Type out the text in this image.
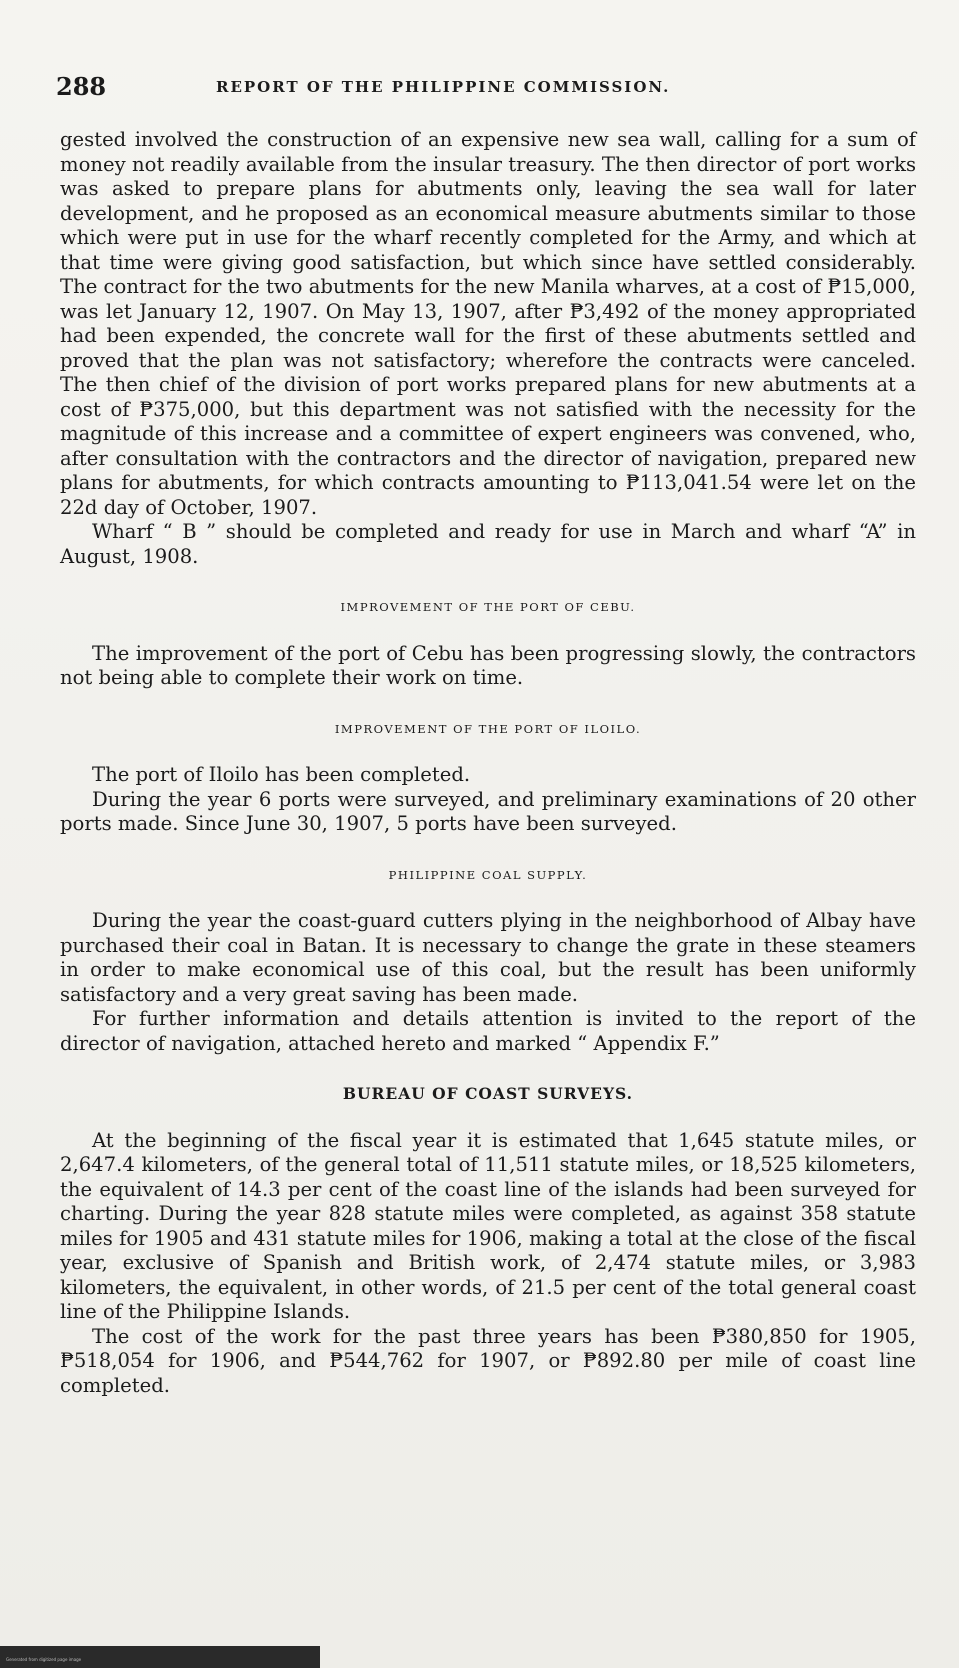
288	REPORT OF THE PHILIPPINE COMMISSION.

gested involved the construction of an expensive new sea wall, calling for a sum of money not readily available from the insular treasury. The then director of port works was asked to prepare plans for abutments only, leaving the sea wall for later development, and he proposed as an economical measure abutments similar to those which were put in use for the wharf recently completed for the Army, and which at that time were giving good satisfaction, but which since have settled considerably. The contract for the two abutments for the new Manila wharves, at a cost of ₱15,000, was let January 12, 1907. On May 13, 1907, after ₱3,492 of the money appropriated had been expended, the concrete wall for the first of these abutments settled and proved that the plan was not satisfactory; wherefore the contracts were canceled. The then chief of the division of port works prepared plans for new abutments at a cost of ₱375,000, but this department was not satisfied with the necessity for the magnitude of this increase and a committee of expert engineers was convened, who, after consultation with the contractors and the director of navigation, prepared new plans for abutments, for which contracts amounting to ₱113,041.54 were let on the 22d day of October, 1907.

Wharf “ B ” should be completed and ready for use in March and wharf “A” in August, 1908.

IMPROVEMENT OF THE PORT OF CEBU.

The improvement of the port of Cebu has been progressing slowly, the contractors not being able to complete their work on time.

IMPROVEMENT OF THE PORT OF ILOILO.

The port of Iloilo has been completed.

During the year 6 ports were surveyed, and preliminary examinations of 20 other ports made. Since June 30, 1907, 5 ports have been surveyed.

PHILIPPINE COAL SUPPLY.

During the year the coast-guard cutters plying in the neighborhood of Albay have purchased their coal in Batan. It is necessary to change the grate in these steamers in order to make economical use of this coal, but the result has been uniformly satisfactory and a very great saving has been made.

For further information and details attention is invited to the report of the director of navigation, attached hereto and marked “ Appendix F.”

BUREAU OF COAST SURVEYS.

At the beginning of the fiscal year it is estimated that 1,645 statute miles, or 2,647.4 kilometers, of the general total of 11,511 statute miles, or 18,525 kilometers, the equivalent of 14.3 per cent of the coast line of the islands had been surveyed for charting. During the year 828 statute miles were completed, as against 358 statute miles for 1905 and 431 statute miles for 1906, making a total at the close of the fiscal year, exclusive of Spanish and British work, of 2,474 statute miles, or 3,983 kilometers, the equivalent, in other words, of 21.5 per cent of the total general coast line of the Philippine Islands.

The cost of the work for the past three years has been ₱380,850 for 1905, ₱518,054 for 1906, and ₱544,762 for 1907, or ₱892.80 per mile of coast line completed.

Generated from digitized page image
